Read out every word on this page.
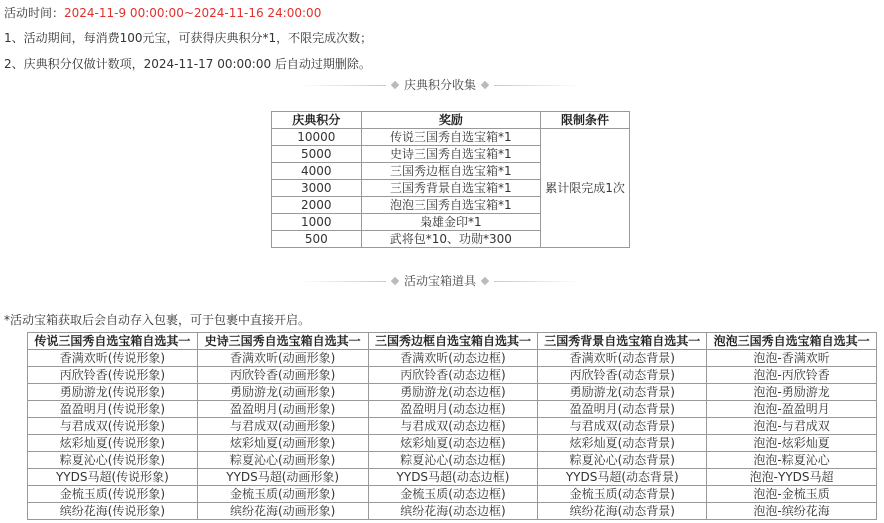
活动时间：2024-11-9 00:00:00~2024-11-16 24:00:00
1、活动期间，每消费100元宝，可获得庆典积分*1，不限完成次数；
2、庆典积分仅做计数项，2024-11-17 00:00:00 后自动过期删除。
庆典积分收集
庆典积分	奖励	限制条件
10000	传说三国秀自选宝箱*1	累计限完成1次
5000	史诗三国秀自选宝箱*1	
4000	三国秀边框自选宝箱*1	
3000	三国秀背景自选宝箱*1	
2000	泡泡三国秀自选宝箱*1	
1000	枭雄金印*1	
500	武将包*10、功勋*300	
活动宝箱道具
*活动宝箱获取后会自动存入包裹，可于包裹中直接开启。
传说三国秀自选宝箱自选其一	史诗三国秀自选宝箱自选其一	三国秀边框自选宝箱自选其一	三国秀背景自选宝箱自选其一	泡泡三国秀自选宝箱自选其一
香满欢昕(传说形象)	香满欢昕(动画形象)	香满欢昕(动态边框)	香满欢昕(动态背景)	泡泡-香满欢昕
丙欣铃香(传说形象)	丙欣铃香(动画形象)	丙欣铃香(动态边框)	丙欣铃香(动态背景)	泡泡-丙欣铃香
勇励游龙(传说形象)	勇励游龙(动画形象)	勇励游龙(动态边框)	勇励游龙(动态背景)	泡泡-勇励游龙
盈盈明月(传说形象)	盈盈明月(动画形象)	盈盈明月(动态边框)	盈盈明月(动态背景)	泡泡-盈盈明月
与君成双(传说形象)	与君成双(动画形象)	与君成双(动态边框)	与君成双(动态背景)	泡泡-与君成双
炫彩灿夏(传说形象)	炫彩灿夏(动画形象)	炫彩灿夏(动态边框)	炫彩灿夏(动态背景)	泡泡-炫彩灿夏
粽夏沁心(传说形象)	粽夏沁心(动画形象)	粽夏沁心(动态边框)	粽夏沁心(动态背景)	泡泡-粽夏沁心
YYDS马超(传说形象)	YYDS马超(动画形象)	YYDS马超(动态边框)	YYDS马超(动态背景)	泡泡-YYDS马超
金梳玉质(传说形象)	金梳玉质(动画形象)	金梳玉质(动态边框)	金梳玉质(动态背景)	泡泡-金梳玉质
缤纷花海(传说形象)	缤纷花海(动画形象)	缤纷花海(动态边框)	缤纷花海(动态背景)	泡泡-缤纷花海
